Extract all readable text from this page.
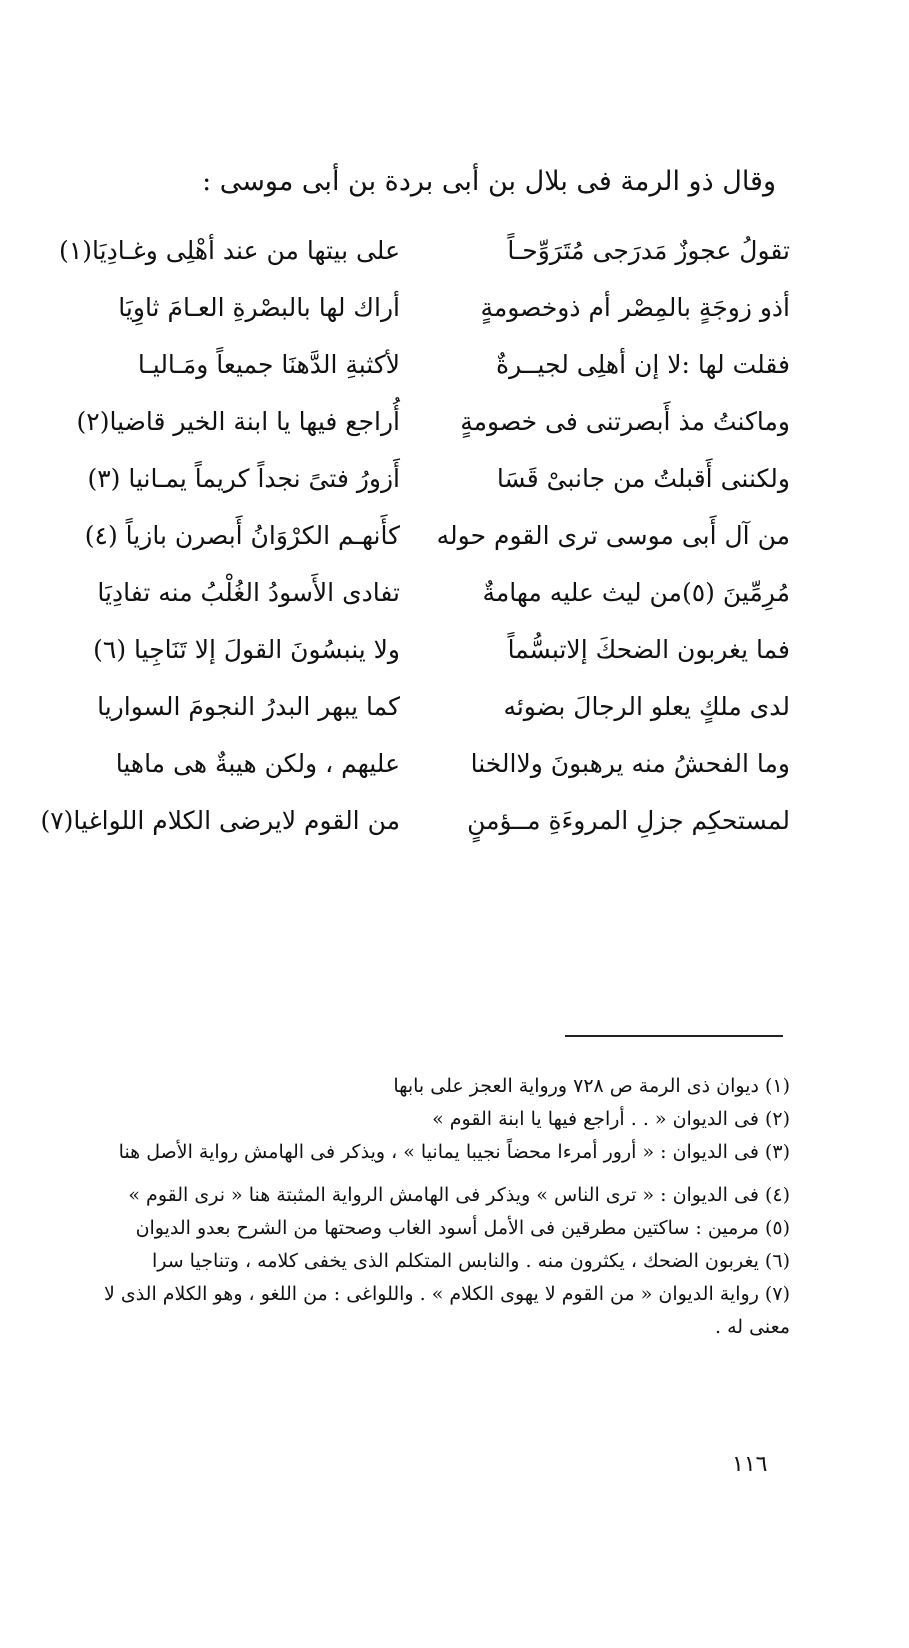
وقال ذو الرمة فى بلال بن أبى بردة بن أبى موسى :
تقولُ عجوزٌ مَدرَجى مُتَرَوِّحـاً
على بيتها من عند أهْلِى وغـادِيَا(١)
أذو زوجَةٍ بالمِصْر أم ذوخصومةٍ
أراك لها بالبصْرةِ العـامَ ثاوِيَا
فقلت لها :لا إن أهلِى لجيــرةٌ
لأكثبةِ الدَّهنَا جميعاً ومَـاليـا
وماكنتُ مذ أَبصرتنى فى خصومةٍ
أُراجع فيها يا ابنة الخير قاضيا(٢)
ولكننى أَقبلتُ من جانبىْ قَسَا
أَزورُ فتىً نجداً كريماً يمـانيا (٣)
من آل أَبى موسى ترى القوم حوله
كأَنهـم الكرْوَانُ أَبصرن بازياً (٤)
مُرِمِّينَ (٥)من ليث عليه مهامةٌ
تفادى الأَسودُ الغُلْبُ منه تفادِيَا
فما يغربون الضحكَ إلاتبسُّماً
ولا ينبسُونَ القولَ إلا تَنَاجِيا (٦)
لدى ملكٍ يعلو الرجالَ بضوئه
كما يبهر البدرُ النجومَ السواريا
وما الفحشُ منه يرهبونَ ولاالخنا
عليهم ، ولكن هيبةٌ هى ماهيا
لمستحكِم جزلِ المروءَةِ مــؤمنٍ
من القوم لايرضى الكلام اللواغيا(٧)
(١) ديوان ذى الرمة ص ٧٢٨ ورواية العجز على بابها
(٢) فى الديوان « . . أراجع فيها يا ابنة القوم »
(٣) فى الديوان : « أرور أمرءا محضاً نجيبا يمانيا » ، ويذكر فى الهامش رواية الأصل هنا
(٤) فى الديوان : « ترى الناس » ويذكر فى الهامش الرواية المثبتة هنا « نرى القوم »
(٥) مرمين : ساكتين مطرقين فى الأمل أسود الغاب وصحتها من الشرح بعدو الديوان
(٦) يغربون الضحك ، يكثرون منه . والنابس المتكلم الذى يخفى كلامه ، وتناجيا سرا
(٧) رواية الديوان « من القوم لا يهوى الكلام » . واللواغى : من اللغو ، وهو الكلام الذى لا معنى له .
١١٦
